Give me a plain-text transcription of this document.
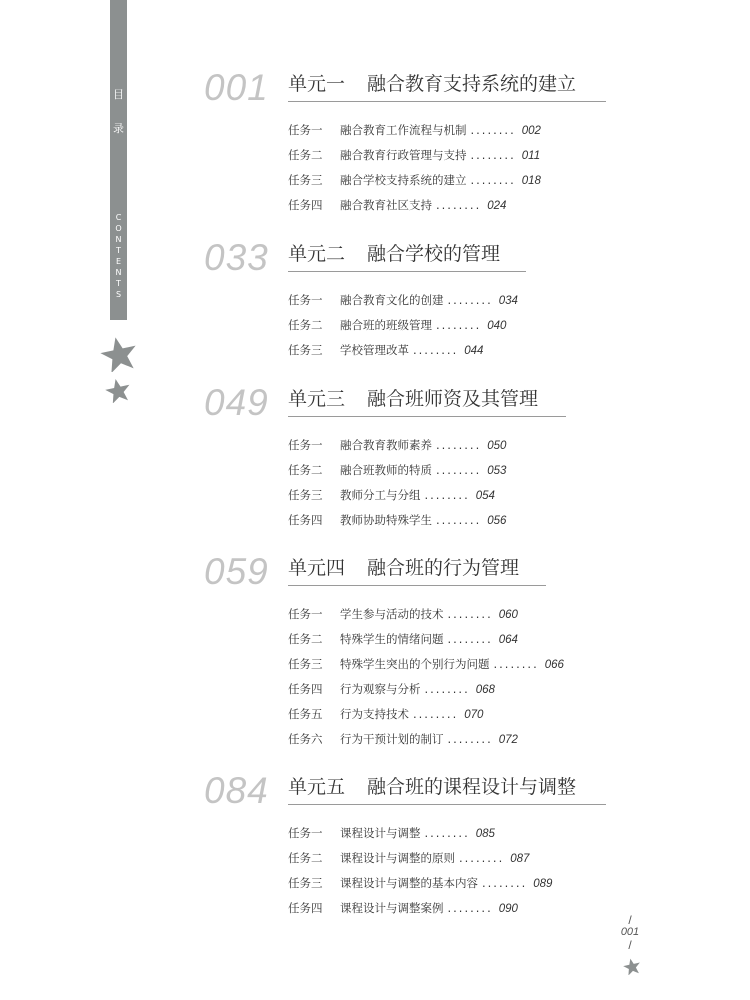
目
录
C
O
N
T
E
N
T
S
001 单元一 融合教育支持系统的建立
任务一 融合教育工作流程与机制 ........ 002
任务二 融合教育行政管理与支持 ........ 011
任务三 融合学校支持系统的建立 ........ 018
任务四 融合教育社区支持 ........ 024
033 单元二 融合学校的管理
任务一 融合教育文化的创建 ........ 034
任务二 融合班的班级管理 ........ 040
任务三 学校管理改革 ........ 044
049 单元三 融合班师资及其管理
任务一 融合教育教师素养 ........ 050
任务二 融合班教师的特质 ........ 053
任务三 教师分工与分组 ........ 054
任务四 教师协助特殊学生 ........ 056
059 单元四 融合班的行为管理
任务一 学生参与活动的技术 ........ 060
任务二 特殊学生的情绪问题 ........ 064
任务三 特殊学生突出的个别行为问题 ........ 066
任务四 行为观察与分析 ........ 068
任务五 行为支持技术 ........ 070
任务六 行为干预计划的制订 ........ 072
084 单元五 融合班的课程设计与调整
任务一 课程设计与调整 ........ 085
任务二 课程设计与调整的原则 ........ 087
任务三 课程设计与调整的基本内容 ........ 089
任务四 课程设计与调整案例 ........ 090
/
001
/
